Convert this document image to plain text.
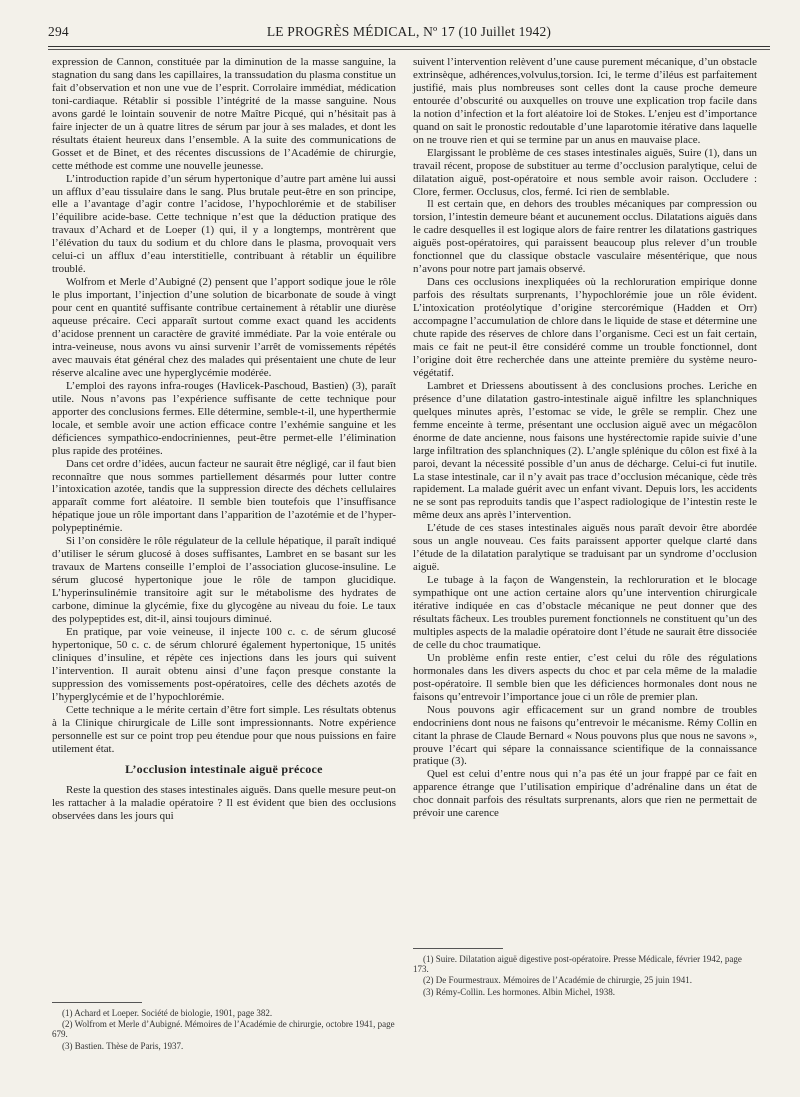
294	LE PROGRÈS MÉDICAL, Nº 17 (10 Juillet 1942)

expression de Cannon, constituée par la diminution de la masse sanguine, la stagnation du sang dans les capillaires, la transsudation du plasma constitue un fait d’observation et non une vue de l’esprit. Corrolaire immédiat, médication toni-cardiaque. Rétablir si possible l’intégrité de la masse sanguine. Nous avons gardé le lointain souvenir de notre Maître Picqué, qui n’hésitait pas à faire injecter de un à quatre litres de sérum par jour à ses malades, et dont les résultats étaient heureux dans l’ensemble. A la suite des communications de Gosset et de Binet, et des récentes discussions de l’Académie de chirurgie, cette méthode est comme une nouvelle jeunesse.

L’introduction rapide d’un sérum hypertonique d’autre part amène lui aussi un afflux d’eau tissulaire dans le sang. Plus brutale peut-être en son principe, elle a l’avantage d’agir contre l’acidose, l’hypochlorémie et de stabiliser l’équilibre acide-base. Cette technique n’est que la déduction pratique des travaux d’Achard et de Loeper (1) qui, il y a longtemps, montrèrent que l’élévation du taux du sodium et du chlore dans le plasma, provoquait vers celui-ci un afflux d’eau interstitielle, contribuant à rétablir un équilibre troublé.

Wolfrom et Merle d’Aubigné (2) pensent que l’apport sodique joue le rôle le plus important, l’injection d’une solution de bicarbonate de soude à vingt pour cent en quantité suffisante contribue certainement à rétablir une diurèse aqueuse précaire. Ceci apparaît surtout comme exact quand les accidents d’acidose prennent un caractère de gravité immédiate. Par la voie entérale ou intra-veineuse, nous avons vu ainsi survenir l’arrêt de vomissements répétés avec mauvais état général chez des malades qui présentaient une chute de leur réserve alcaline avec une hyperglycémie modérée.

L’emploi des rayons infra-rouges (Havlicek-Paschoud, Bastien) (3), paraît utile. Nous n’avons pas l’expérience suffisante de cette technique pour apporter des conclusions fermes. Elle détermine, semble-t-il, une hyperthermie locale, et semble avoir une action efficace contre l’exhémie sanguine et les déficiences sympathico-endocriniennes, peut-être permet-elle l’élimination plus rapide des protéines.

Dans cet ordre d’idées, aucun facteur ne saurait être négligé, car il faut bien reconnaître que nous sommes partiellement désarmés pour lutter contre l’intoxication azotée, tandis que la suppression directe des déchets cellulaires apparaît comme fort aléatoire. Il semble bien toutefois que l’insuffisance hépatique joue un rôle important dans l’apparition de l’azotémie et de l’hyper-polypeptinémie.

Si l’on considère le rôle régulateur de la cellule hépatique, il paraît indiqué d’utiliser le sérum glucosé à doses suffisantes, Lambret en se basant sur les travaux de Martens conseille l’emploi de l’association glucose-insuline. Le sérum glucosé hypertonique joue le rôle de tampon glucidique. L’hyperinsulinémie transitoire agit sur le métabolisme des hydrates de carbone, diminue la glycémie, fixe du glycogène au niveau du foie. Le taux des polypeptides est, dit-il, ainsi toujours diminué.

En pratique, par voie veineuse, il injecte 100 c. c. de sérum glucosé hypertonique, 50 c. c. de sérum chloruré également hypertonique, 15 unités cliniques d’insuline, et répète ces injections dans les jours qui suivent l’intervention. Il aurait obtenu ainsi d’une façon presque constante la suppression des vomissements post-opératoires, celle des déchets azotés de l’hyperglycémie et de l’hypochlorémie.

Cette technique a le mérite certain d’être fort simple. Les résultats obtenus à la Clinique chirurgicale de Lille sont impressionnants. Notre expérience personnelle est sur ce point trop peu étendue pour que nous puissions en faire utilement état.

L’occlusion intestinale aiguë précoce

Reste la question des stases intestinales aiguës. Dans quelle mesure peut-on les rattacher à la maladie opératoire ? Il est évident que bien des occlusions observées dans les jours qui

suivent l’intervention relèvent d’une cause purement mécanique, d’un obstacle extrinsèque, adhérences,volvulus,torsion. Ici, le terme d’iléus est parfaitement justifié, mais plus nombreuses sont celles dont la cause proche demeure entourée d’obscurité ou auxquelles on trouve une explication trop facile dans la notion d’infection et la fort aléatoire loi de Stokes. L’enjeu est d’importance quand on sait le pronostic redoutable d’une laparotomie itérative dans laquelle on ne trouve rien et qui se termine par un anus en mauvaise place.

Elargissant le problème de ces stases intestinales aiguës, Suire (1), dans un travail récent, propose de substituer au terme d’occlusion paralytique, celui de dilatation aiguë, post-opératoire et nous semble avoir raison. Occludere : Clore, fermer. Occlusus, clos, fermé. Ici rien de semblable.

Il est certain que, en dehors des troubles mécaniques par compression ou torsion, l’intestin demeure béant et aucunement occlus. Dilatations aiguës dans le cadre desquelles il est logique alors de faire rentrer les dilatations gastriques aiguës post-opératoires, qui paraissent beaucoup plus relever d’un trouble fonctionnel que du classique obstacle vasculaire mésentérique, que nous n’avons pour notre part jamais observé.

Dans ces occlusions inexpliquées où la rechloruration empirique donne parfois des résultats surprenants, l’hypochlorémie joue un rôle évident. L’intoxication protéolytique d’origine stercorémique (Hadden et Orr) accompagne l’accumulation de chlore dans le liquide de stase et détermine une chute rapide des réserves de chlore dans l’organisme. Ceci est un fait certain, mais ce fait ne peut-il être considéré comme un trouble fonctionnel, dont l’origine doit être recherchée dans une atteinte première du système neuro-végétatif.

Lambret et Driessens aboutissent à des conclusions proches. Leriche en présence d’une dilatation gastro-intestinale aiguë infiltre les splanchniques quelques minutes après, l’estomac se vide, le grêle se remplir. Chez une femme enceinte à terme, présentant une occlusion aiguë avec un mégacôlon énorme de date ancienne, nous faisons une hystérectomie rapide suivie d’une large infiltration des splanchniques (2). L’angle splénique du côlon est fixé à la paroi, devant la nécessité possible d’un anus de décharge. Celui-ci fut inutile. La stase intestinale, car il n’y avait pas trace d’occlusion mécanique, cède très rapidement. La malade guérit avec un enfant vivant. Depuis lors, les accidents ne se sont pas reproduits tandis que l’aspect radiologique de l’intestin reste le même deux ans après l’intervention.

L’étude de ces stases intestinales aiguës nous paraît devoir être abordée sous un angle nouveau. Ces faits paraissent apporter quelque clarté dans l’étude de la dilatation paralytique se traduisant par un syndrome d’occlusion aiguë.

Le tubage à la façon de Wangenstein, la rechloruration et le blocage sympathique ont une action certaine alors qu’une intervention chirurgicale itérative indiquée en cas d’obstacle mécanique ne peut donner que des résultats fâcheux. Les troubles purement fonctionnels ne constituent qu’un des multiples aspects de la maladie opératoire dont l’étude ne saurait être dissociée de celle du choc traumatique.

Un problème enfin reste entier, c’est celui du rôle des régulations hormonales dans les divers aspects du choc et par cela même de la maladie post-opératoire. Il semble bien que les déficiences hormonales dont nous ne faisons qu’entrevoir l’importance joue ci un rôle de premier plan.

Nous pouvons agir efficacement sur un grand nombre de troubles endocriniens dont nous ne faisons qu’entrevoir le mécanisme. Rémy Collin en citant la phrase de Claude Bernard « Nous pouvons plus que nous ne savons », prouve l’écart qui sépare la connaissance scientifique de la connaissance pratique (3).

Quel est celui d’entre nous qui n’a pas été un jour frappé par ce fait en apparence étrange que l’utilisation empirique d’adrénaline dans un état de choc donnait parfois des résultats surprenants, alors que rien ne permettait de prévoir une carence

(1) Achard et Loeper. Société de biologie, 1901, page 382.

(2) Wolfrom et Merle d’Aubigné. Mémoires de l’Académie de chirurgie, octobre 1941, page 679.

(3) Bastien. Thèse de Paris, 1937.

(1) Suire. Dilatation aiguë digestive post-opératoire. Presse Médicale, février 1942, page 173.

(2) De Fourmestraux. Mémoires de l’Académie de chirurgie, 25 juin 1941.

(3) Rémy-Collin. Les hormones. Albin Michel, 1938.
